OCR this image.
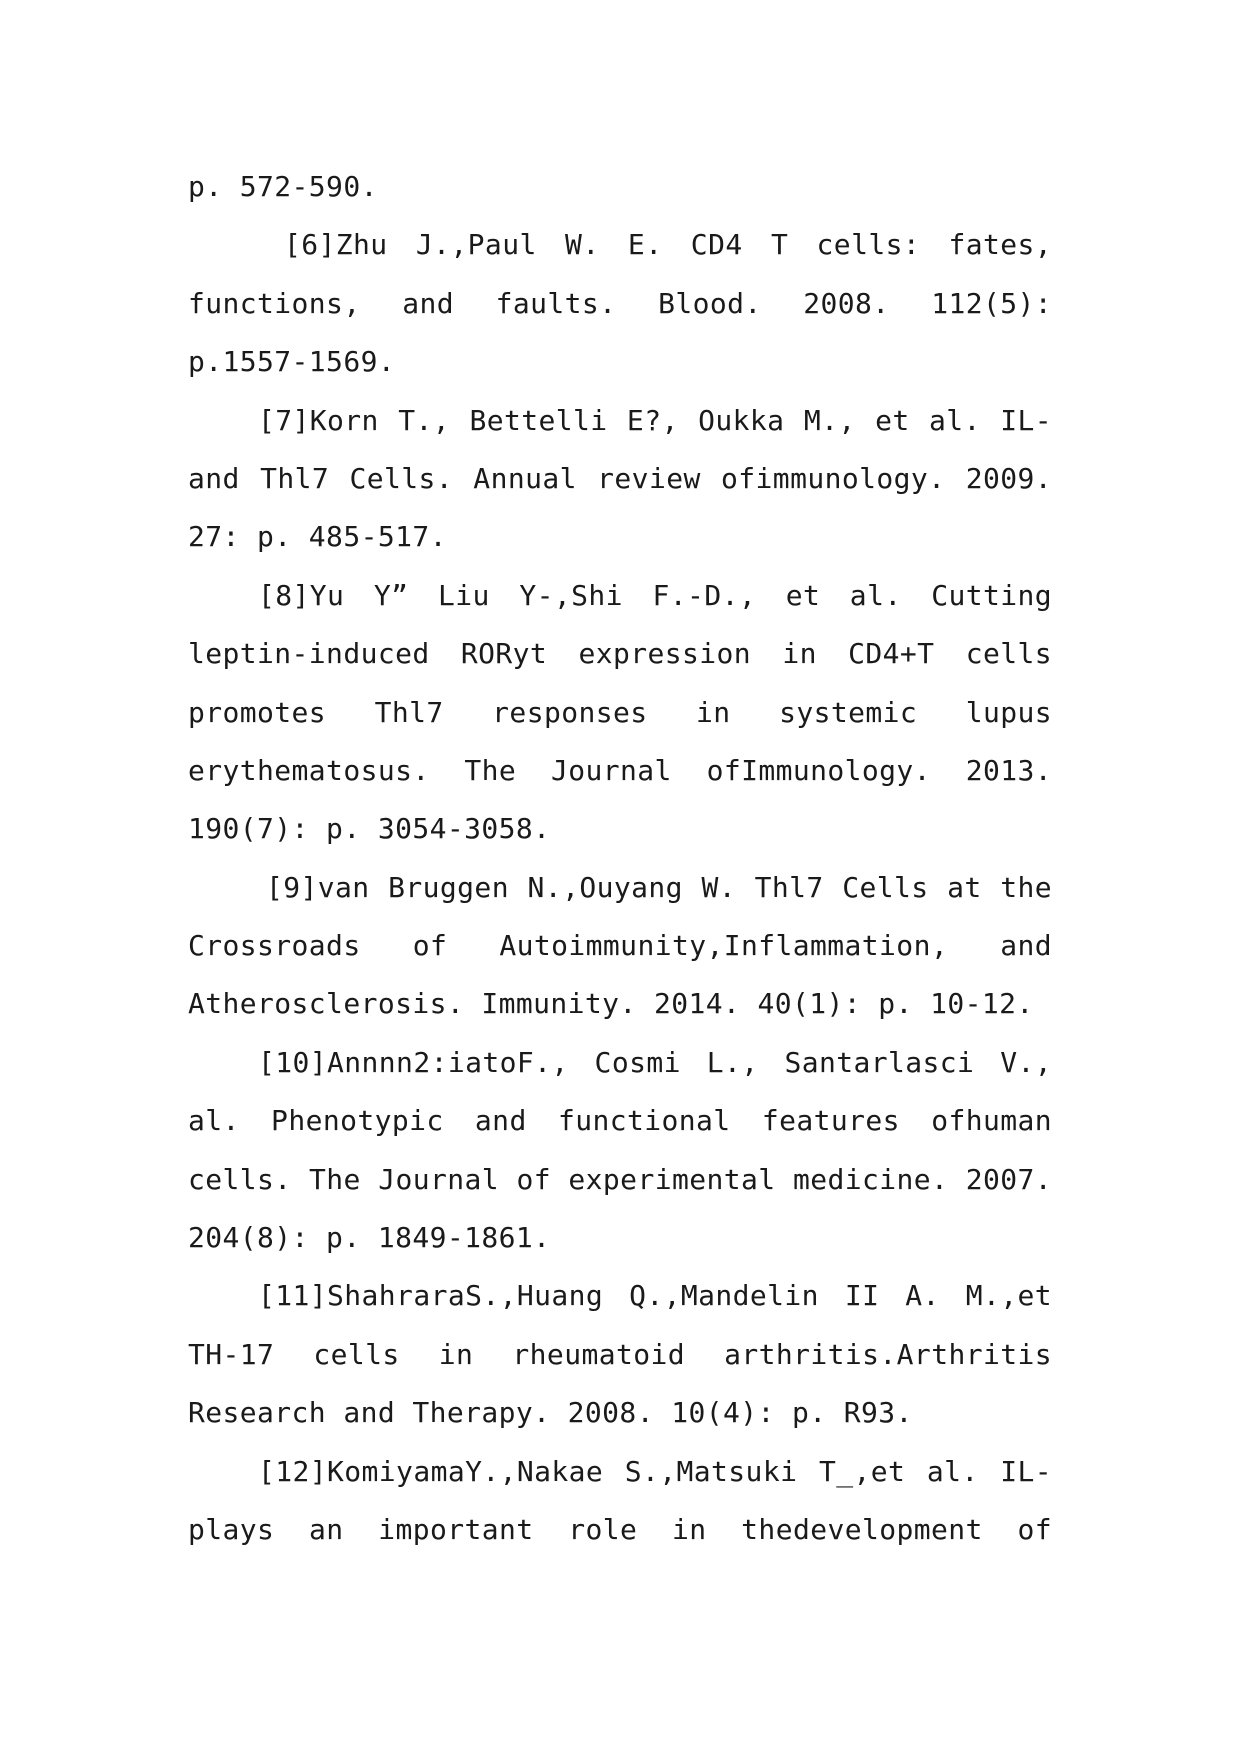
p. 572-590.
[6]Zhu J.,Paul W. E. CD4 T cells: fates,
functions, and faults. Blood. 2008. 112(5):
p.1557-1569.
[7]Korn T., Bettelli E?, Oukka M., et al. IL-
and Thl7 Cells. Annual review ofimmunology. 2009.
27: p. 485-517.
[8]Yu Y” Liu Y-,Shi F.-D., et al. Cutting
leptin-induced RORyt expression in CD4+T cells
promotes Thl7 responses in systemic lupus
erythematosus. The Journal ofImmunology. 2013.
190(7): p. 3054-3058.
[9]van Bruggen N.,Ouyang W. Thl7 Cells at the
Crossroads of Autoimmunity,Inflammation, and
Atherosclerosis. Immunity. 2014. 40(1): p. 10-12.
[10]Annnn2:iatoF., Cosmi L., Santarlasci V.,
al. Phenotypic and functional features ofhuman
cells. The Journal of experimental medicine. 2007.
204(8): p. 1849-1861.
[11]ShahraraS.,Huang Q.,Mandelin II A. M.,et
TH-17 cells in rheumatoid arthritis.Arthritis
Research and Therapy. 2008. 10(4): p. R93.
[12]KomiyamaY.,Nakae S.,Matsuki T_,et al. IL-
plays an important role in thedevelopment of
